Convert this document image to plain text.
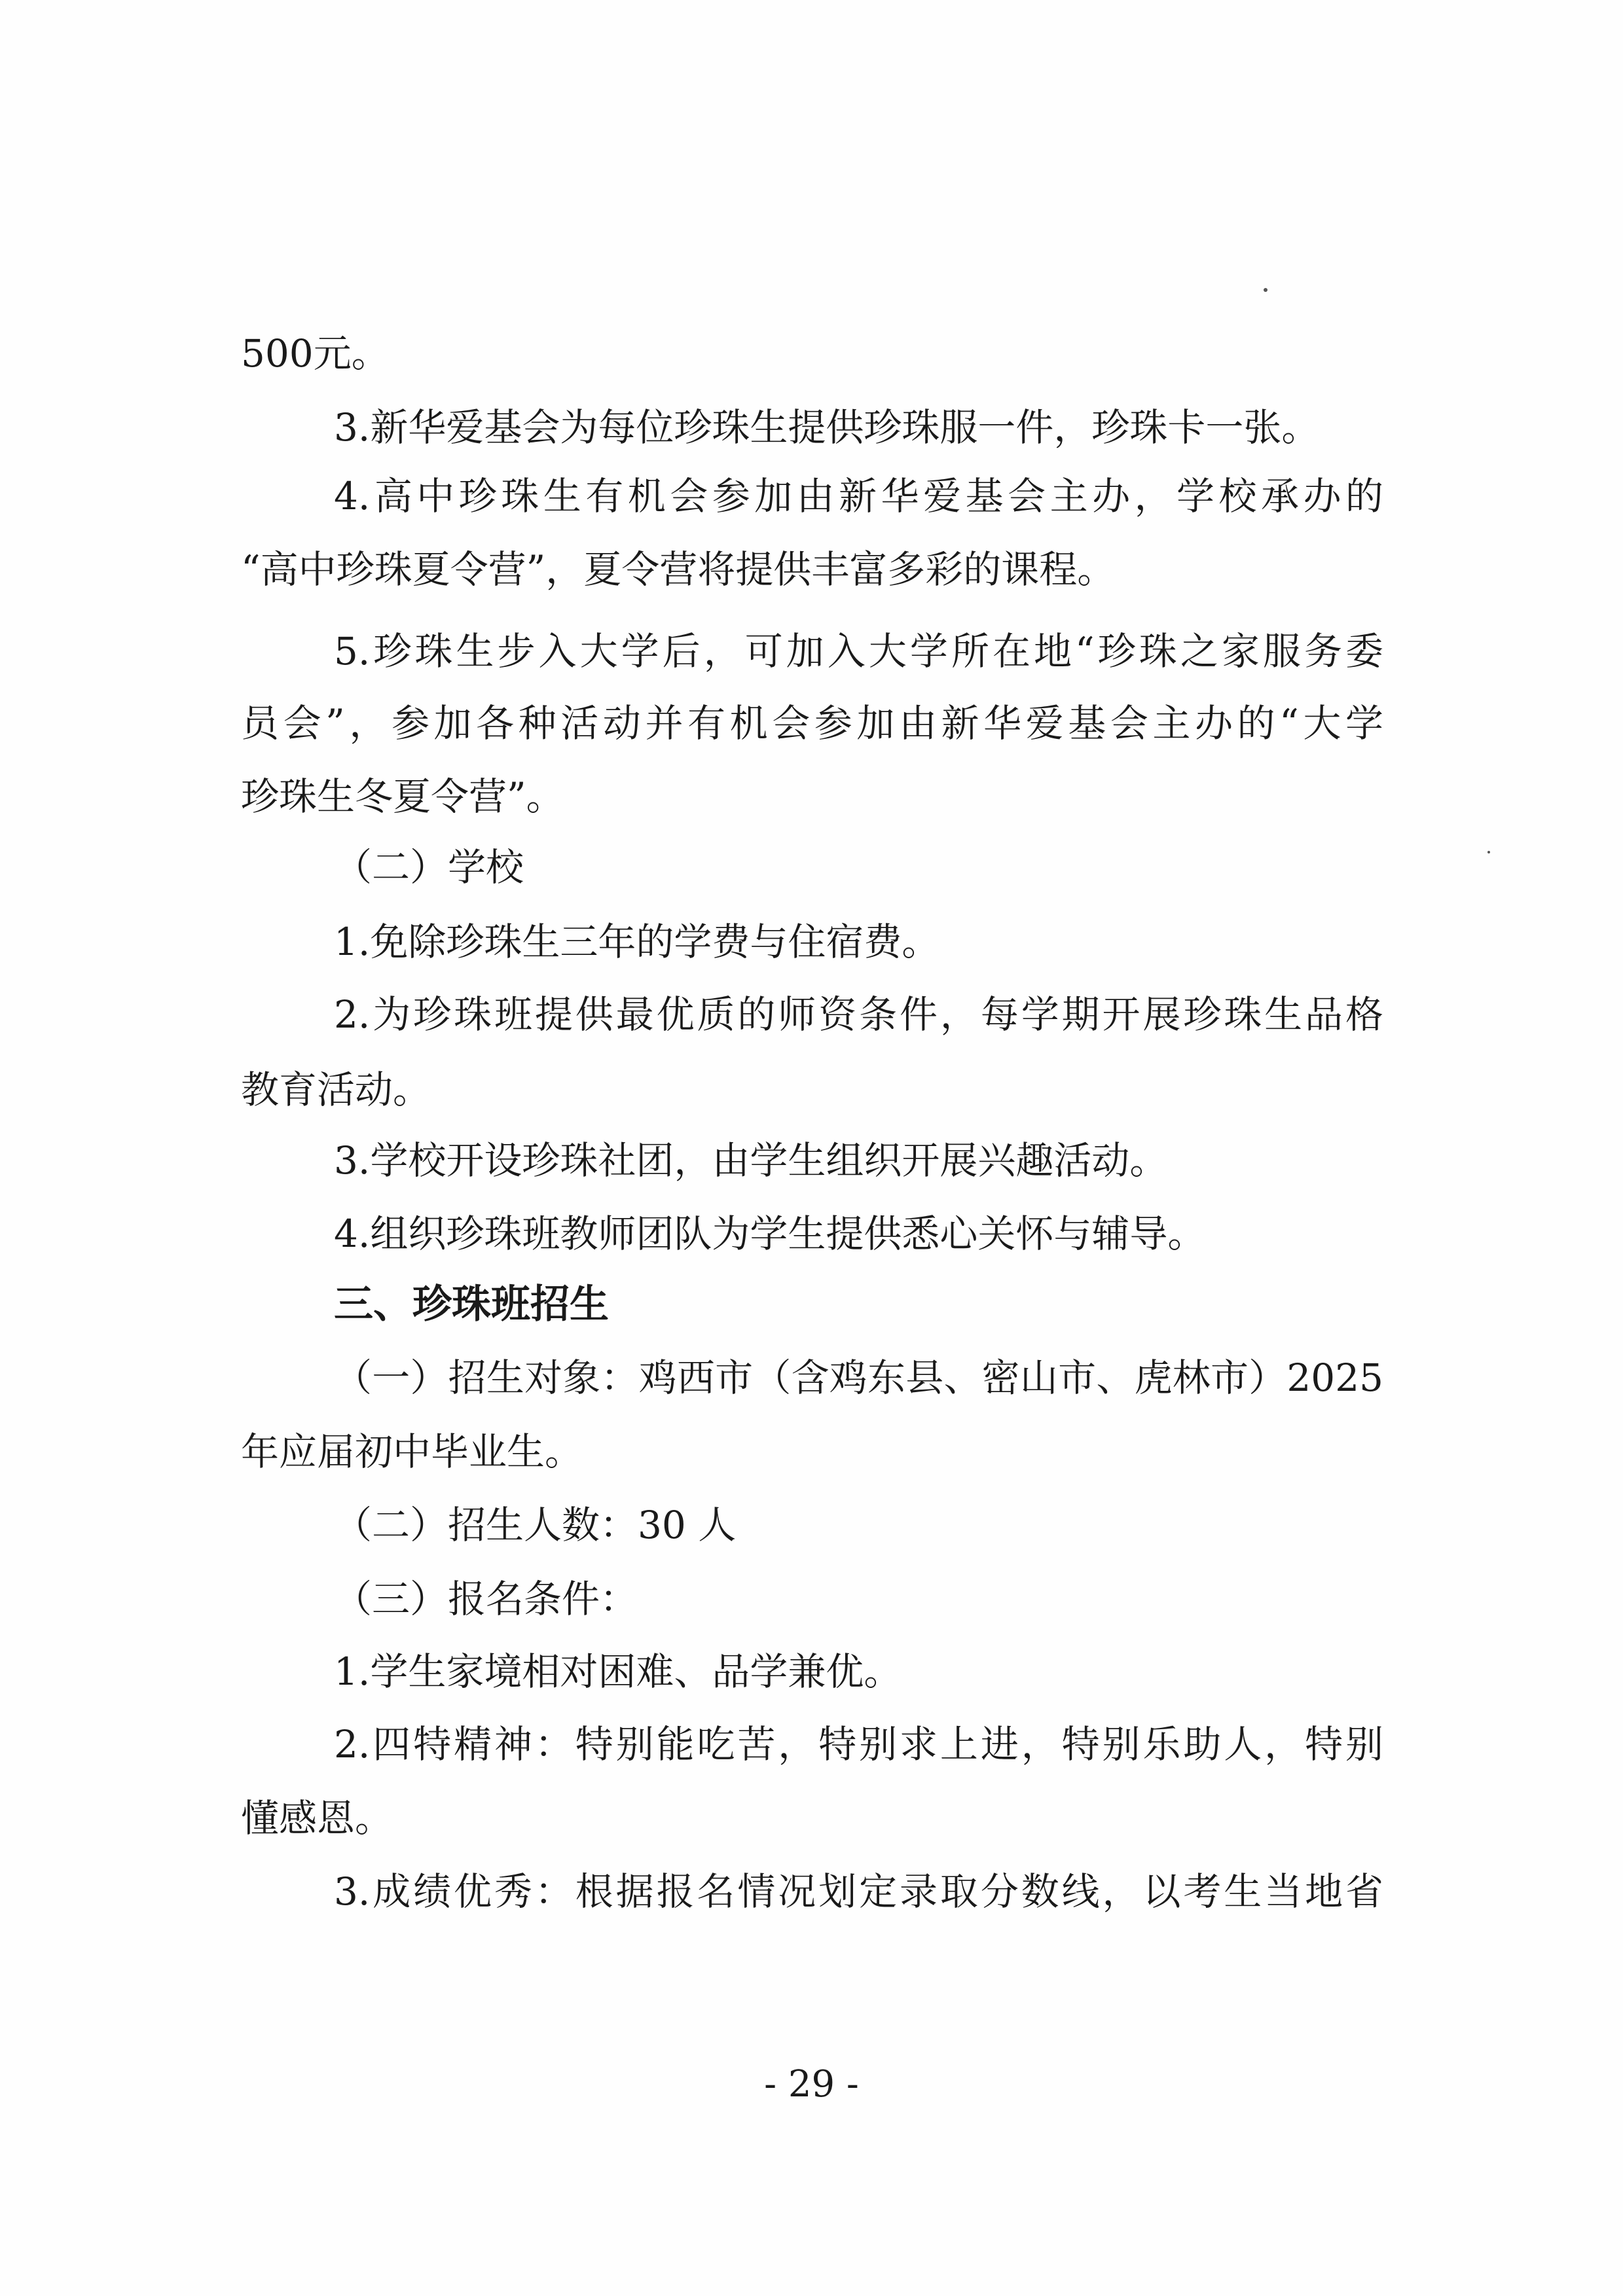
500元。
3.新华爱基会为每位珍珠生提供珍珠服一件，珍珠卡一张。
4.高中珍珠生有机会参加由新华爱基会主办，学校承办的
“高中珍珠夏令营”，夏令营将提供丰富多彩的课程。
5.珍珠生步入大学后，可加入大学所在地“珍珠之家服务委
员会”，参加各种活动并有机会参加由新华爱基会主办的“大学
珍珠生冬夏令营”。
（二）学校
1.免除珍珠生三年的学费与住宿费。
2.为珍珠班提供最优质的师资条件，每学期开展珍珠生品格
教育活动。
3.学校开设珍珠社团，由学生组织开展兴趣活动。
4.组织珍珠班教师团队为学生提供悉心关怀与辅导。
三、珍珠班招生
（一）招生对象：鸡西市（含鸡东县、密山市、虎林市）2025
年应届初中毕业生。
（二）招生人数：30 人
（三）报名条件：
1.学生家境相对困难、品学兼优。
2.四特精神：特别能吃苦，特别求上进，特别乐助人，特别
懂感恩。
3.成绩优秀：根据报名情况划定录取分数线，以考生当地省
- 29 -
